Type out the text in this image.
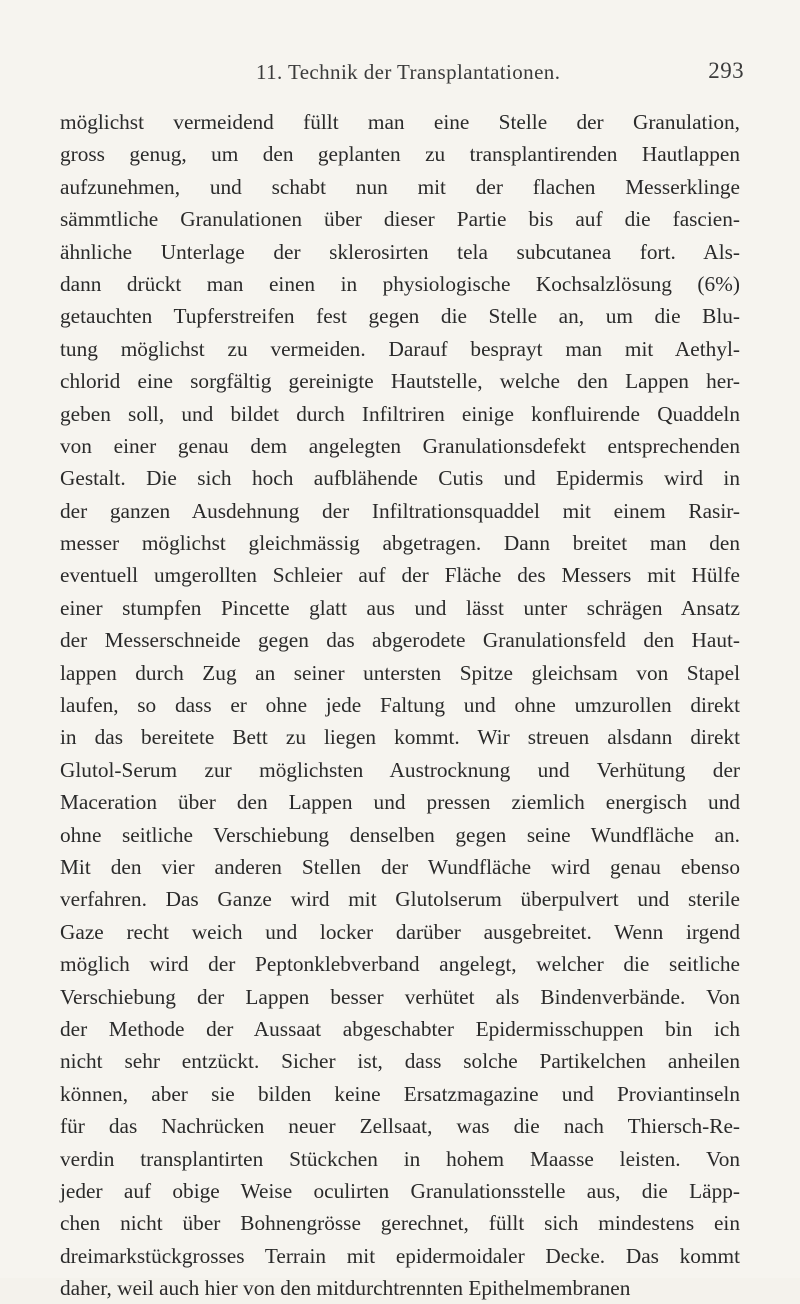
11. Technik der Transplantationen.	293
möglichst vermeidend füllt man eine Stelle der Granulation,
gross genug, um den geplanten zu transplantirenden Hautlappen
aufzunehmen, und schabt nun mit der flachen Messerklinge
sämmtliche Granulationen über dieser Partie bis auf die fascien-
ähnliche Unterlage der sklerosirten tela subcutanea fort. Als-
dann drückt man einen in physiologische Kochsalzlösung (6%)
getauchten Tupferstreifen fest gegen die Stelle an, um die Blu-
tung möglichst zu vermeiden. Darauf besprayt man mit Aethyl-
chlorid eine sorgfältig gereinigte Hautstelle, welche den Lappen her-
geben soll, und bildet durch Infiltriren einige konfluirende Quaddeln
von einer genau dem angelegten Granulationsdefekt entsprechenden
Gestalt. Die sich hoch aufblähende Cutis und Epidermis wird in
der ganzen Ausdehnung der Infiltrationsquaddel mit einem Rasir-
messer möglichst gleichmässig abgetragen. Dann breitet man den
eventuell umgerollten Schleier auf der Fläche des Messers mit Hülfe
einer stumpfen Pincette glatt aus und lässt unter schrägen Ansatz
der Messerschneide gegen das abgerodete Granulationsfeld den Haut-
lappen durch Zug an seiner untersten Spitze gleichsam von Stapel
laufen, so dass er ohne jede Faltung und ohne umzurollen direkt
in das bereitete Bett zu liegen kommt. Wir streuen alsdann direkt
Glutol-Serum zur möglichsten Austrocknung und Verhütung der
Maceration über den Lappen und pressen ziemlich energisch und
ohne seitliche Verschiebung denselben gegen seine Wundfläche an.
Mit den vier anderen Stellen der Wundfläche wird genau ebenso
verfahren. Das Ganze wird mit Glutolserum überpulvert und sterile
Gaze recht weich und locker darüber ausgebreitet. Wenn irgend
möglich wird der Peptonklebverband angelegt, welcher die seitliche
Verschiebung der Lappen besser verhütet als Bindenverbände. Von
der Methode der Aussaat abgeschabter Epidermisschuppen bin ich
nicht sehr entzückt. Sicher ist, dass solche Partikelchen anheilen
können, aber sie bilden keine Ersatzmagazine und Proviantinseln
für das Nachrücken neuer Zellsaat, was die nach Thiersch-Re-
verdin transplantirten Stückchen in hohem Maasse leisten. Von
jeder auf obige Weise oculirten Granulationsstelle aus, die Läpp-
chen nicht über Bohnengrösse gerechnet, füllt sich mindestens ein
dreimarkstückgrosses Terrain mit epidermoidaler Decke. Das kommt
daher, weil auch hier von den mitdurchtrennten Epithelmembranen
